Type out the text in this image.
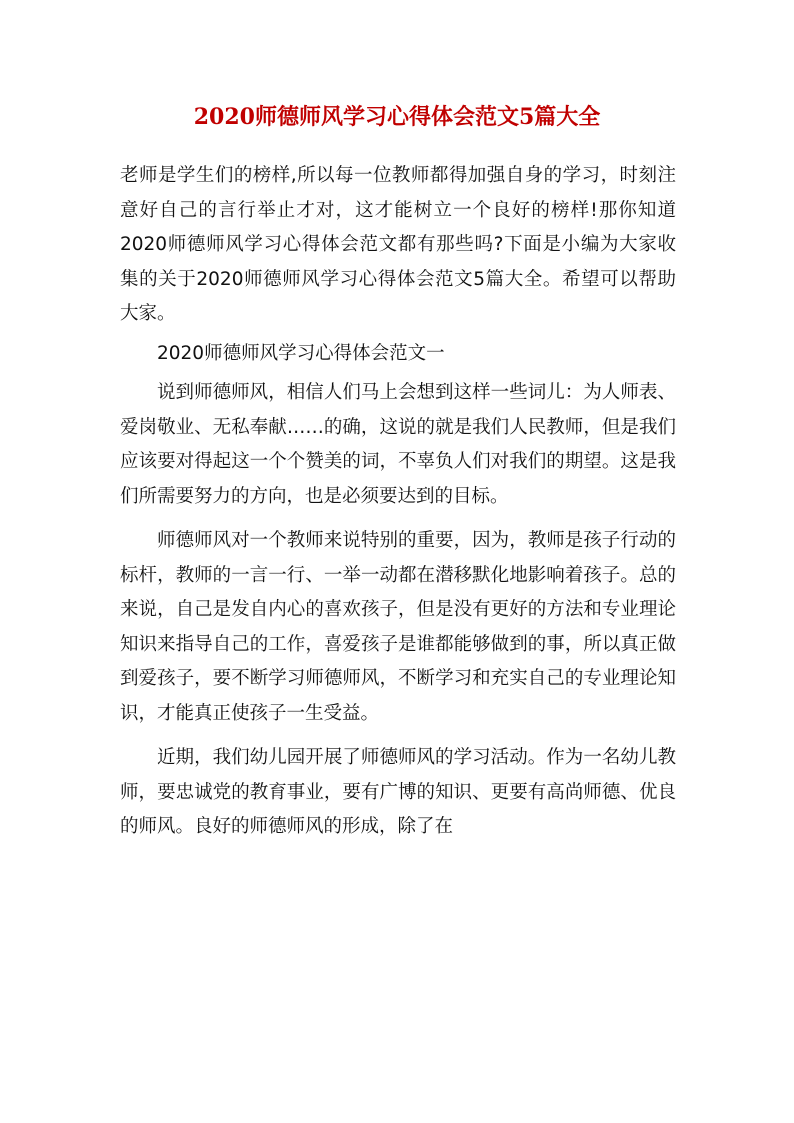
2020师德师风学习心得体会范文5篇大全

老师是学生们的榜样,所以每一位教师都得加强自身的学习，时刻注意好自己的言行举止才对，这才能树立一个良好的榜样!那你知道2020师德师风学习心得体会范文都有那些吗?下面是小编为大家收集的关于2020师德师风学习心得体会范文5篇大全。希望可以帮助大家。

2020师德师风学习心得体会范文一

说到师德师风，相信人们马上会想到这样一些词儿：为人师表、爱岗敬业、无私奉献……的确，这说的就是我们人民教师，但是我们应该要对得起这一个个赞美的词，不辜负人们对我们的期望。这是我们所需要努力的方向，也是必须要达到的目标。

师德师风对一个教师来说特别的重要，因为，教师是孩子行动的标杆，教师的一言一行、一举一动都在潜移默化地影响着孩子。总的来说，自己是发自内心的喜欢孩子，但是没有更好的方法和专业理论知识来指导自己的工作，喜爱孩子是谁都能够做到的事，所以真正做到爱孩子，要不断学习师德师风，不断学习和充实自己的专业理论知识，才能真正使孩子一生受益。

近期，我们幼儿园开展了师德师风的学习活动。作为一名幼儿教师，要忠诚党的教育事业，要有广博的知识、更要有高尚师德、优良的师风。良好的师德师风的形成，除了在
